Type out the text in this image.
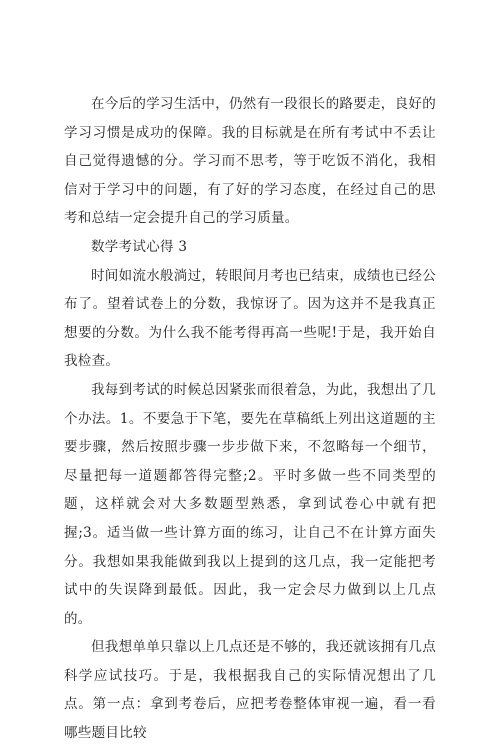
在今后的学习生活中，仍然有一段很长的路要走，良好的学习习惯是成功的保障。我的目标就是在所有考试中不丢让自己觉得遗憾的分。学习而不思考，等于吃饭不消化，我相信对于学习中的问题，有了好的学习态度，在经过自己的思考和总结一定会提升自己的学习质量。

数学考试心得 3

时间如流水般淌过，转眼间月考也已结束，成绩也已经公布了。望着试卷上的分数，我惊讶了。因为这并不是我真正想要的分数。为什么我不能考得再高一些呢!于是，我开始自我检查。

我每到考试的时候总因紧张而很着急，为此，我想出了几个办法。1。不要急于下笔，要先在草稿纸上列出这道题的主要步骤，然后按照步骤一步步做下来，不忽略每一个细节，尽量把每一道题都答得完整;2。平时多做一些不同类型的题，这样就会对大多数题型熟悉，拿到试卷心中就有把握;3。适当做一些计算方面的练习，让自己不在计算方面失分。我想如果我能做到我以上提到的这几点，我一定能把考试中的失误降到最低。因此，我一定会尽力做到以上几点的。

但我想单单只靠以上几点还是不够的，我还就该拥有几点科学应试技巧。于是，我根据我自己的实际情况想出了几点。第一点：拿到考卷后，应把考卷整体审视一遍，看一看哪些题目比较
